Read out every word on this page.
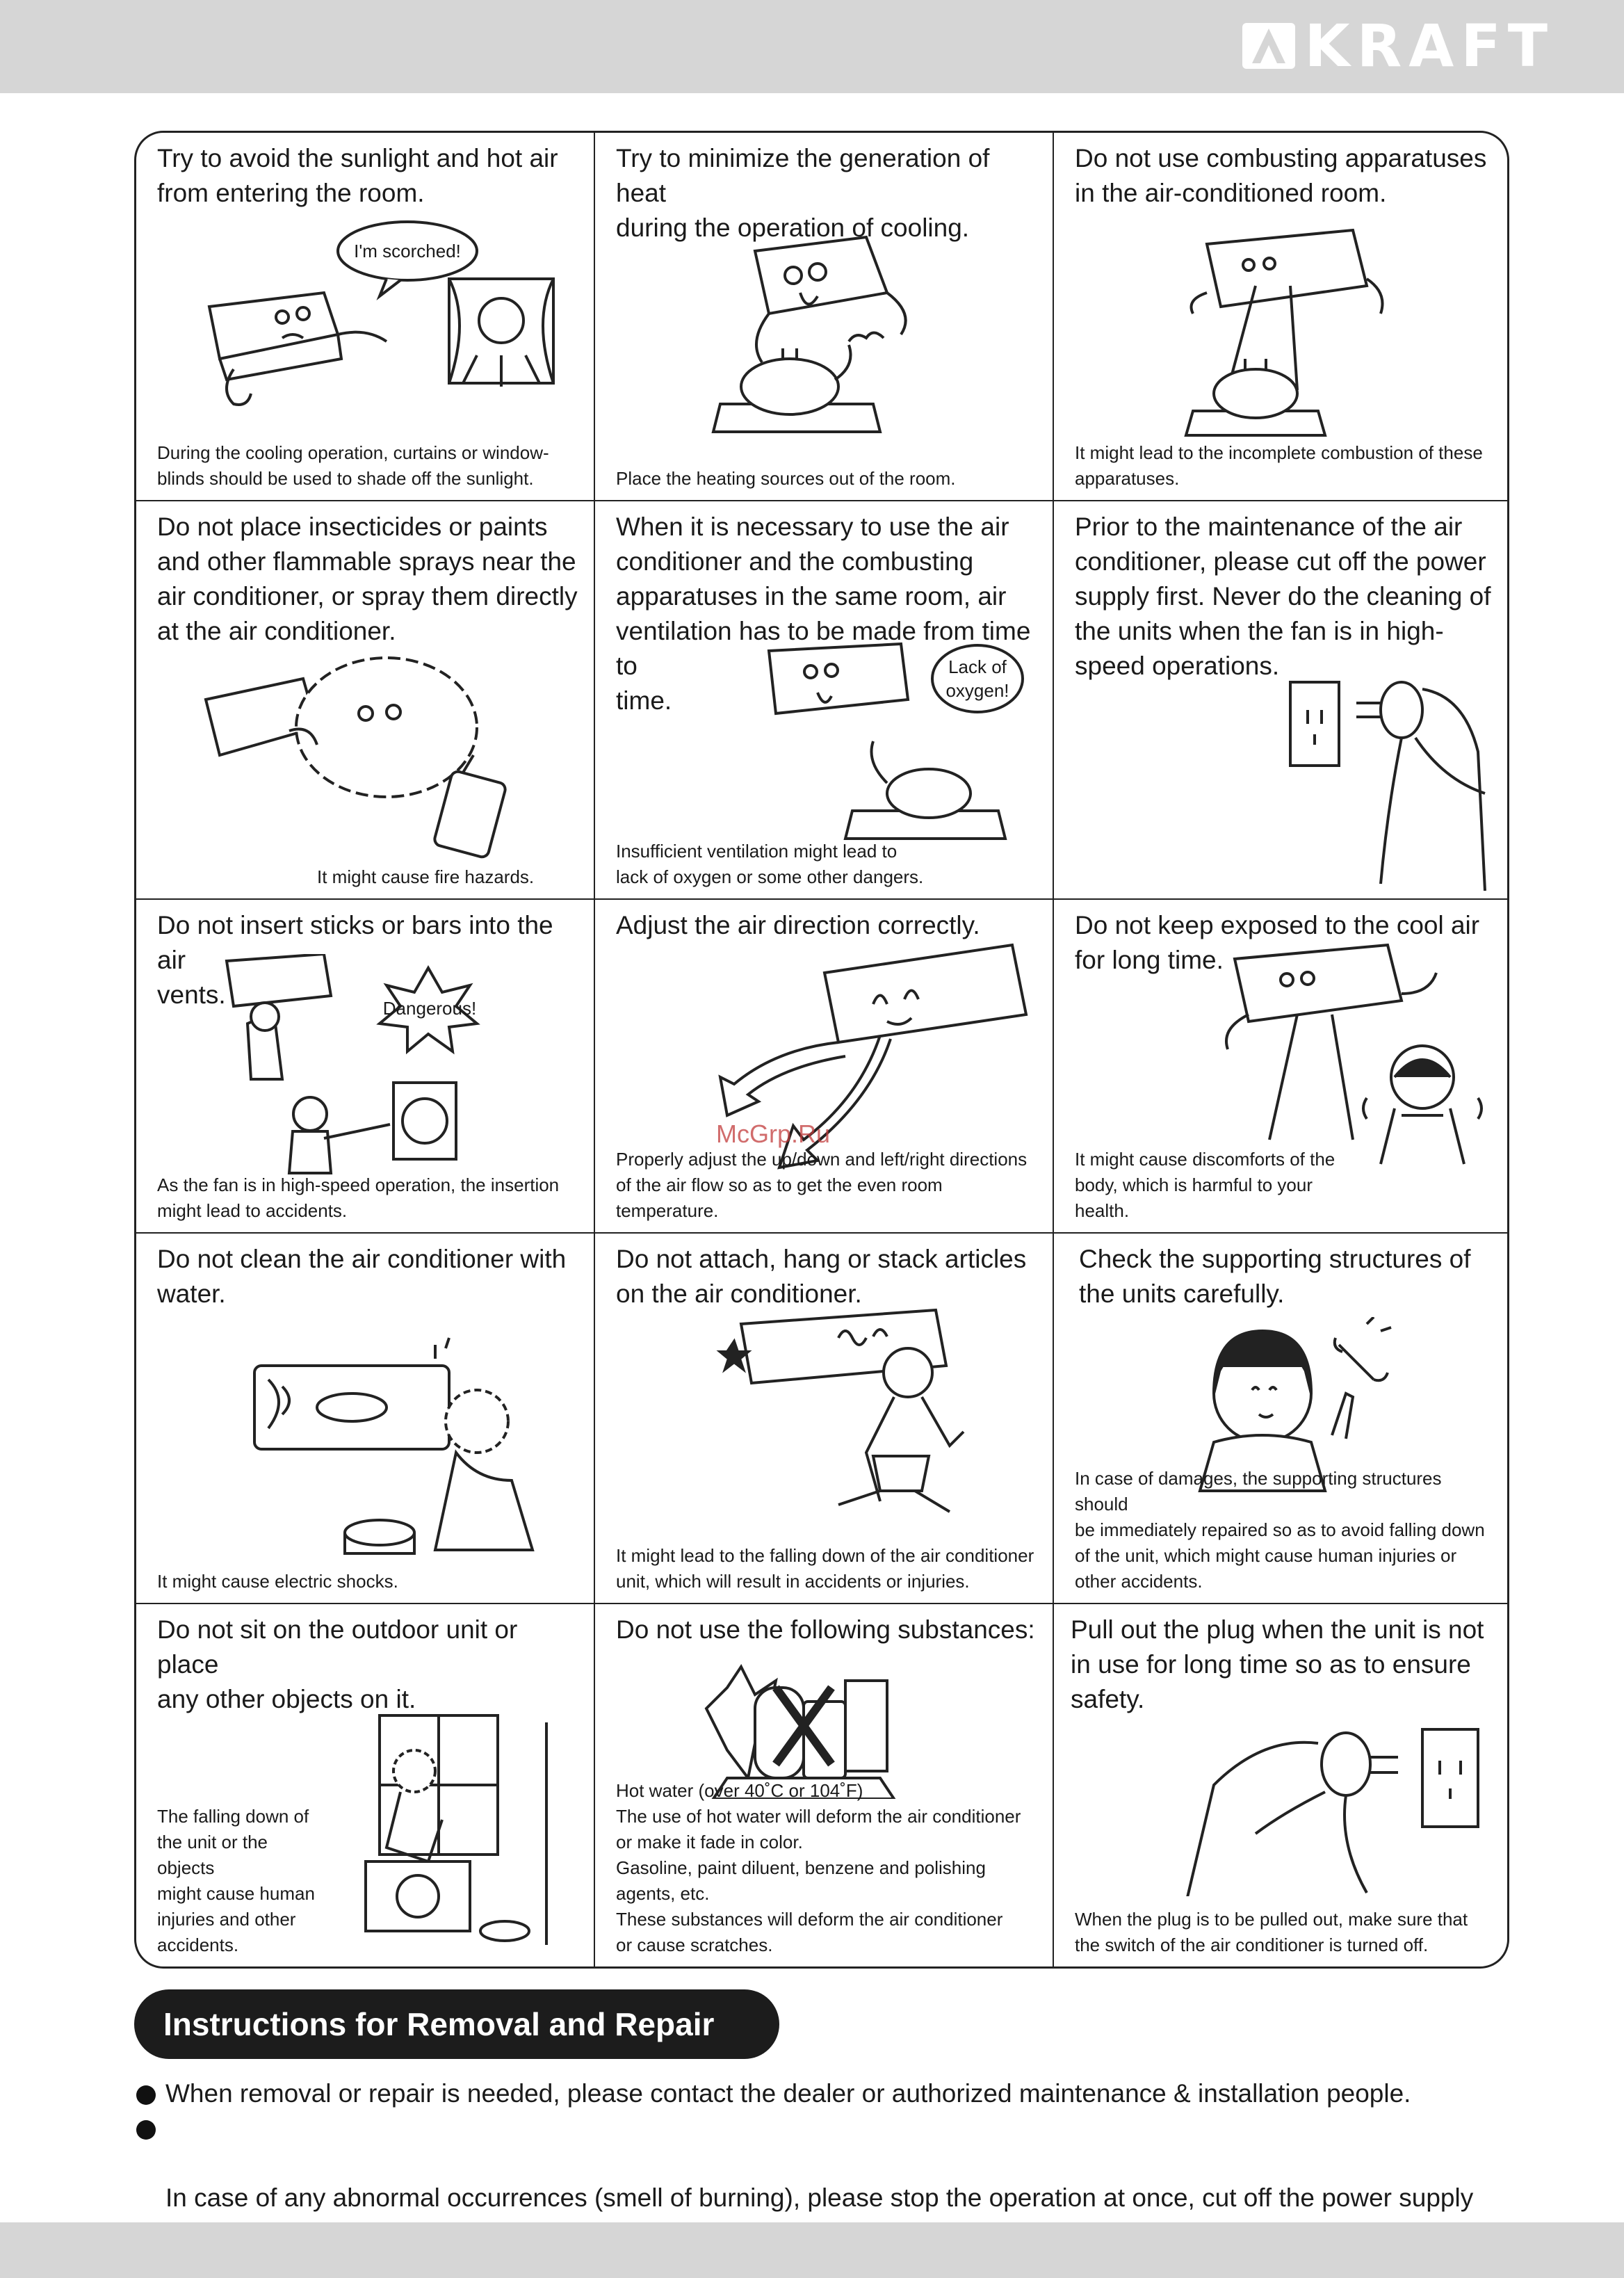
KRAFT
Try to avoid the sunlight and hot air
from entering the room.
I'm scorched!
During the cooling operation, curtains or window-
blinds should be used to shade off the sunlight.
Try to minimize the generation of heat
during the operation of cooling.
Place the heating sources out of the room.
Do not use combusting apparatuses
in the air-conditioned room.
It might lead to the incomplete combustion of these
apparatuses.
Do not place insecticides or paints
and other flammable sprays near the
air conditioner, or spray them directly
at the air conditioner.
It might cause fire hazards.
When it is necessary to use the air
conditioner and the combusting
apparatuses in the same room, air
ventilation has to be made from time to
time.
Lack of
oxygen!
Insufficient ventilation might lead to
lack of oxygen or some other dangers.
Prior to the maintenance of the air
conditioner, please cut off the power
supply first. Never do the cleaning of
the units when the fan is in high-
speed operations.
Do not insert sticks or bars into the air
vents.	Dangerous!
As the fan is in high-speed operation, the insertion
might lead to accidents.
Adjust the air direction correctly.
Properly adjust the up/down and left/right directions
of the air flow so as to get the even room temperature.
Do not keep exposed to the cool air
for long time.
It might cause discomforts of the
body, which is harmful to your
health.
Do not clean the air conditioner with
water.
It might cause electric shocks.
Do not attach, hang or stack articles
on the air conditioner.
It might lead to the falling down of the air conditioner
unit, which will result in accidents or injuries.
Check the supporting structures of
the units carefully.
In case of damages, the supporting structures should
be immediately repaired so as to avoid falling down
of the unit, which might cause human injuries or
other accidents.
Do not sit on the outdoor unit or place
any other objects on it.
The falling down of
the unit or the objects
might cause human
injuries and other
accidents.
Do not use the following substances:
Hot water (over 40˚C or 104˚F)
The use of hot water will deform the air conditioner
or make it fade in color.
Gasoline, paint diluent, benzene and polishing
agents, etc.
These substances will deform the air conditioner
or cause scratches.
Pull out the plug when the unit is not
in use for long time so as to ensure
safety.
When the plug is to be pulled out, make sure that
the switch of the air conditioner is turned off.
McGrp.Ru
Instructions for Removal and Repair
When removal or repair is needed, please contact the dealer or authorized maintenance & installation people.

In case of any abnormal occurrences (smell of burning), please stop the operation at once, cut off the power supply
